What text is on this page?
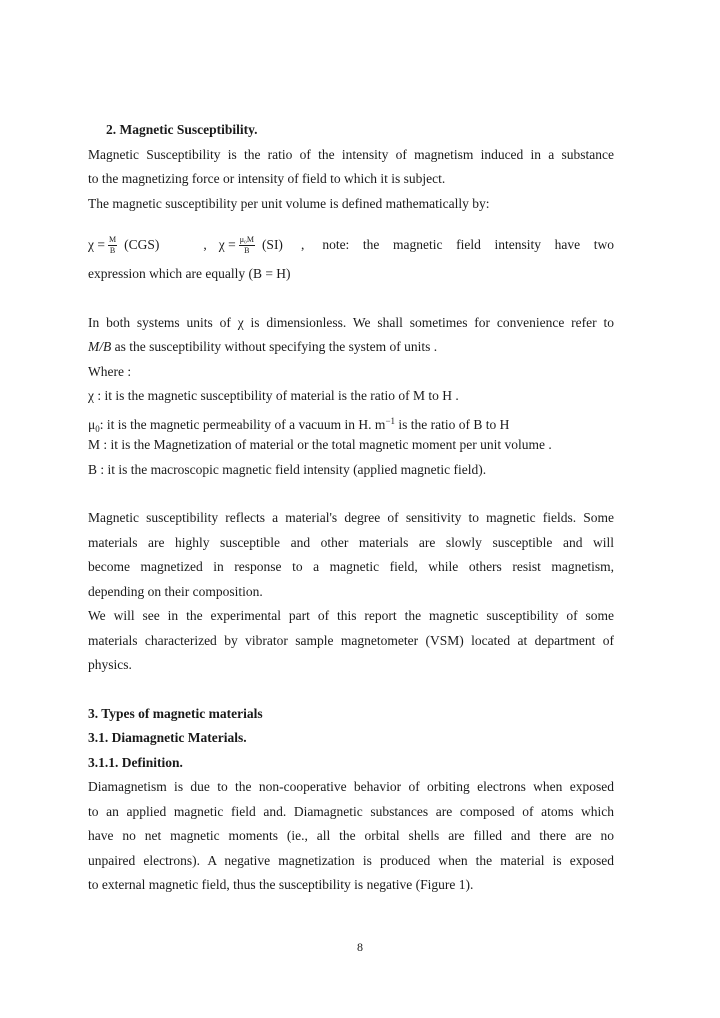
2. Magnetic Susceptibility.
Magnetic Susceptibility is the ratio of the intensity of magnetism induced in a substance
to the magnetizing force or intensity of field to which it is subject.
The magnetic susceptibility per unit volume is defined mathematically by:
$\chi = \frac{M}{B} (CGS)$	, $\chi = \frac{\text{μ₀M}}{B} (SI)$ , note: the magnetic field intensity have two
expression which are equally (B = H)
In both systems units of χ is dimensionless. We shall sometimes for convenience refer to
M/B as the susceptibility without specifying the system of units .
Where :
χ : it is the magnetic susceptibility of material is the ratio of M to H .
$\mu_0$: it is the magnetic permeability of a vacuum in H. $m^{-1}$ is the ratio of B to H
M : it is the Magnetization of material or the total magnetic moment per unit volume .
B : it is the macroscopic magnetic field intensity (applied magnetic field).
Magnetic susceptibility reflects a material's degree of sensitivity to magnetic fields. Some
materials are highly susceptible and other materials are slowly susceptible and will
become magnetized in response to a magnetic field, while others resist magnetism,
depending on their composition.
We will see in the experimental part of this report the magnetic susceptibility of some
materials characterized by vibrator sample magnetometer (VSM) located at department of
physics.
3. Types of magnetic materials
3.1. Diamagnetic Materials.
3.1.1. Definition.
Diamagnetism is due to the non-cooperative behavior of orbiting electrons when exposed
to an applied magnetic field and. Diamagnetic substances are composed of atoms which
have no net magnetic moments (ie., all the orbital shells are filled and there are no
unpaired electrons). A negative magnetization is produced when the material is exposed
to external magnetic field, thus the susceptibility is negative (Figure 1).
8
